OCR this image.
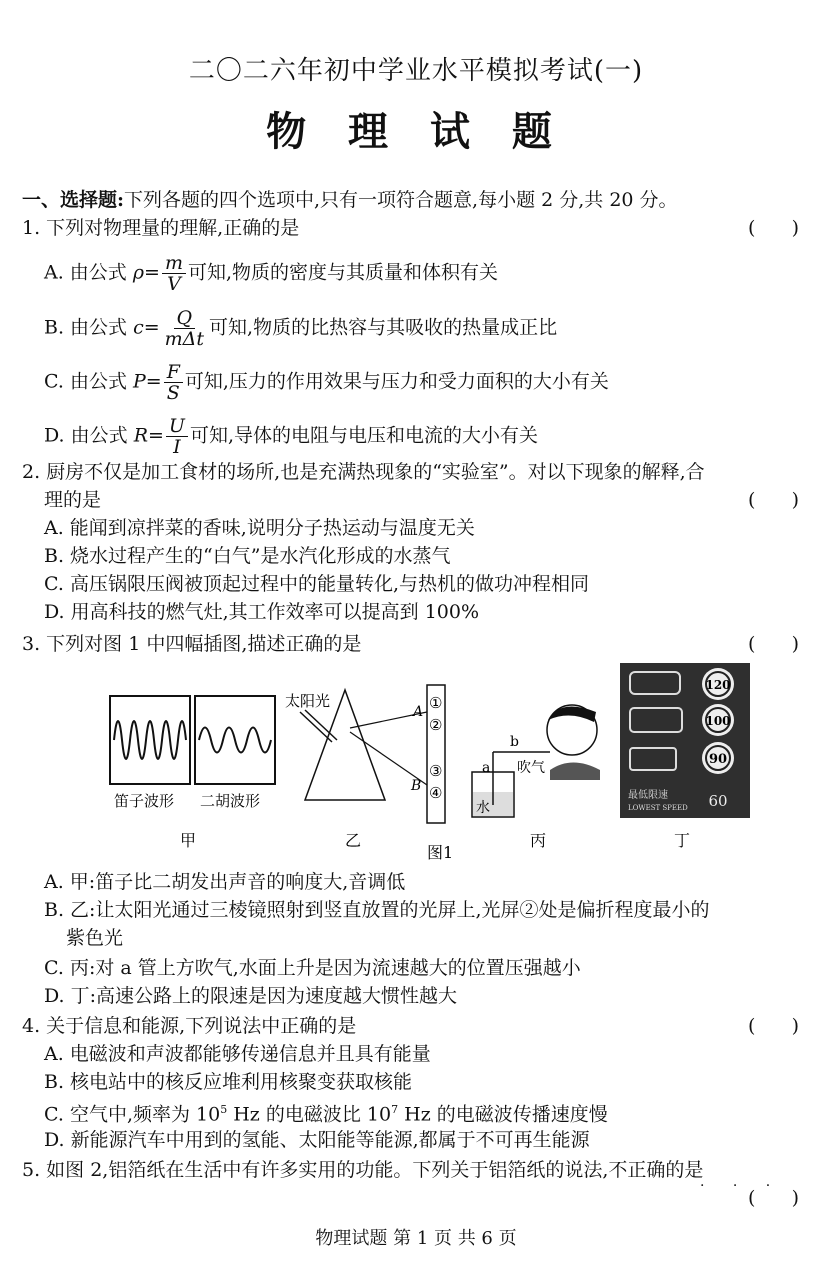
二〇二六年初中学业水平模拟考试(一)
物 理 试 题
一、选择题:下列各题的四个选项中,只有一项符合题意,每小题 2 分,共 20 分。
1. 下列对物理量的理解,正确的是	(      )
A. 由公式 $\rho= \frac{m}{V}$ 可知,物质的密度与其质量和体积有关
B. 由公式 $c= \frac{Q}{\text{mΔt}}$ 可知,物质的比热容与其吸收的热量成正比
C. 由公式 $P= \frac{F}{S}$ 可知,压力的作用效果与压力和受力面积的大小有关
D. 由公式 $R= \frac{U}{I}$ 可知,导体的电阻与电压和电流的大小有关
2. 厨房不仅是加工食材的场所,也是充满热现象的“实验室”。对以下现象的解释,合
理的是	(      )
A. 能闻到凉拌菜的香味,说明分子热运动与温度无关
B. 烧水过程产生的“白气”是水汽化形成的水蒸气
C. 高压锅限压阀被顶起过程中的能量转化,与热机的做功冲程相同
D. 用高科技的燃气灶,其工作效率可以提高到 100%
3. 下列对图 1 中四幅插图,描述正确的是	(      )
笛子波形 二胡波形
太阳光
A
B
①
②
③
④
水
a
b
吹气
120
100
90
最低限速
LOWEST SPEED 60
甲	乙
图1
丙	丁
A. 甲:笛子比二胡发出声音的响度大,音调低
B. 乙:让太阳光通过三棱镜照射到竖直放置的光屏上,光屏②处是偏折程度最小的
紫色光
C. 丙:对 a 管上方吹气,水面上升是因为流速越大的位置压强越小
D. 丁:高速公路上的限速是因为速度越大惯性越大
4. 关于信息和能源,下列说法中正确的是	(      )
A. 电磁波和声波都能够传递信息并且具有能量
B. 核电站中的核反应堆利用核聚变获取核能
C. 空气中,频率为 $10^5$ Hz 的电磁波比 $10^7$ Hz 的电磁波传播速度慢
D. 新能源汽车中用到的氢能、太阳能等能源,都属于不可再生能源
5. 如图 2,铝箔纸在生活中有许多实用的功能。下列关于铝箔纸的说法,不正确的是
· · ·
(      )
物理试题 第 1 页 共 6 页
